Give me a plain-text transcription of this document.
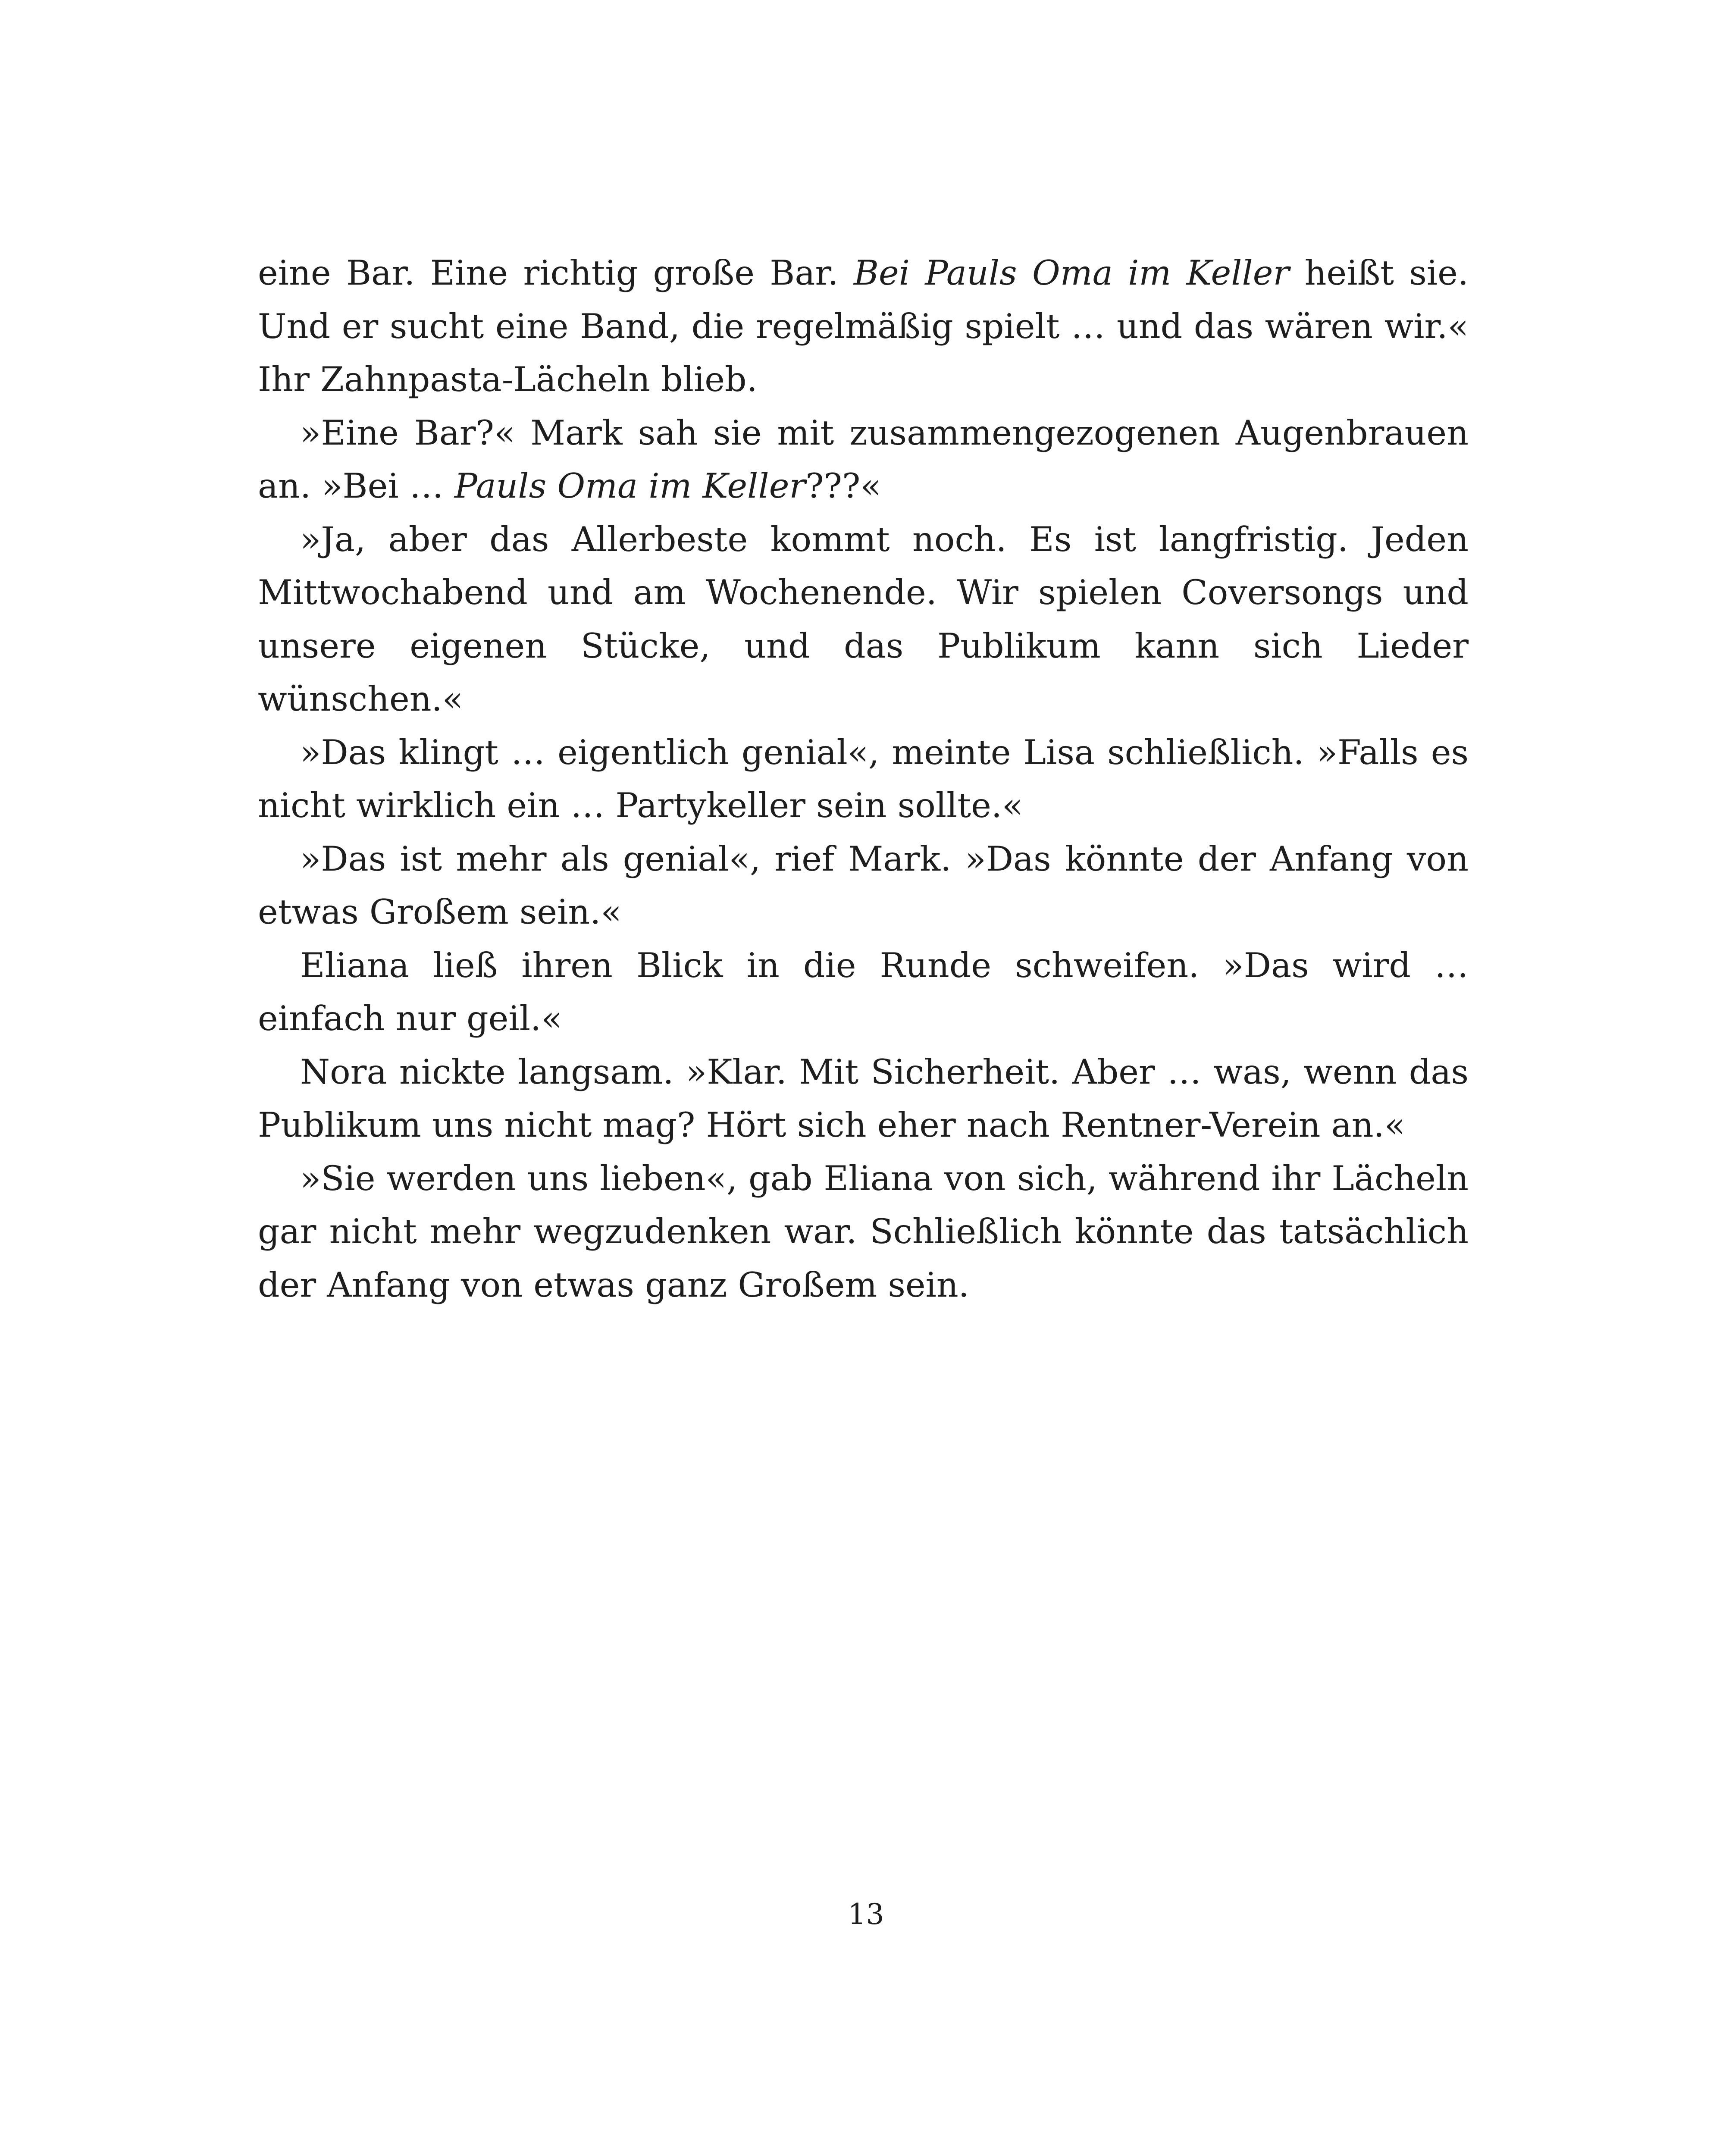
eine Bar. Eine richtig große Bar. Bei Pauls Oma im Keller heißt sie. Und er sucht eine Band, die regelmäßig spielt … und das wären wir.« Ihr Zahnpasta-Lächeln blieb.

»Eine Bar?« Mark sah sie mit zusammengezogenen Augenbrauen an. »Bei … Pauls Oma im Keller???«

»Ja, aber das Allerbeste kommt noch. Es ist langfristig. Jeden Mittwochabend und am Wochenende. Wir spielen Coversongs und unsere eigenen Stücke, und das Publikum kann sich Lieder wünschen.«

»Das klingt … eigentlich genial«, meinte Lisa schließlich. »Falls es nicht wirklich ein … Partykeller sein sollte.«

»Das ist mehr als genial«, rief Mark. »Das könnte der Anfang von etwas Großem sein.«

Eliana ließ ihren Blick in die Runde schweifen. »Das wird … einfach nur geil.«

Nora nickte langsam. »Klar. Mit Sicherheit. Aber … was, wenn das Publikum uns nicht mag? Hört sich eher nach Rentner-Verein an.«

»Sie werden uns lieben«, gab Eliana von sich, während ihr Lächeln gar nicht mehr wegzudenken war. Schließlich könnte das tatsächlich der Anfang von etwas ganz Großem sein.

13
